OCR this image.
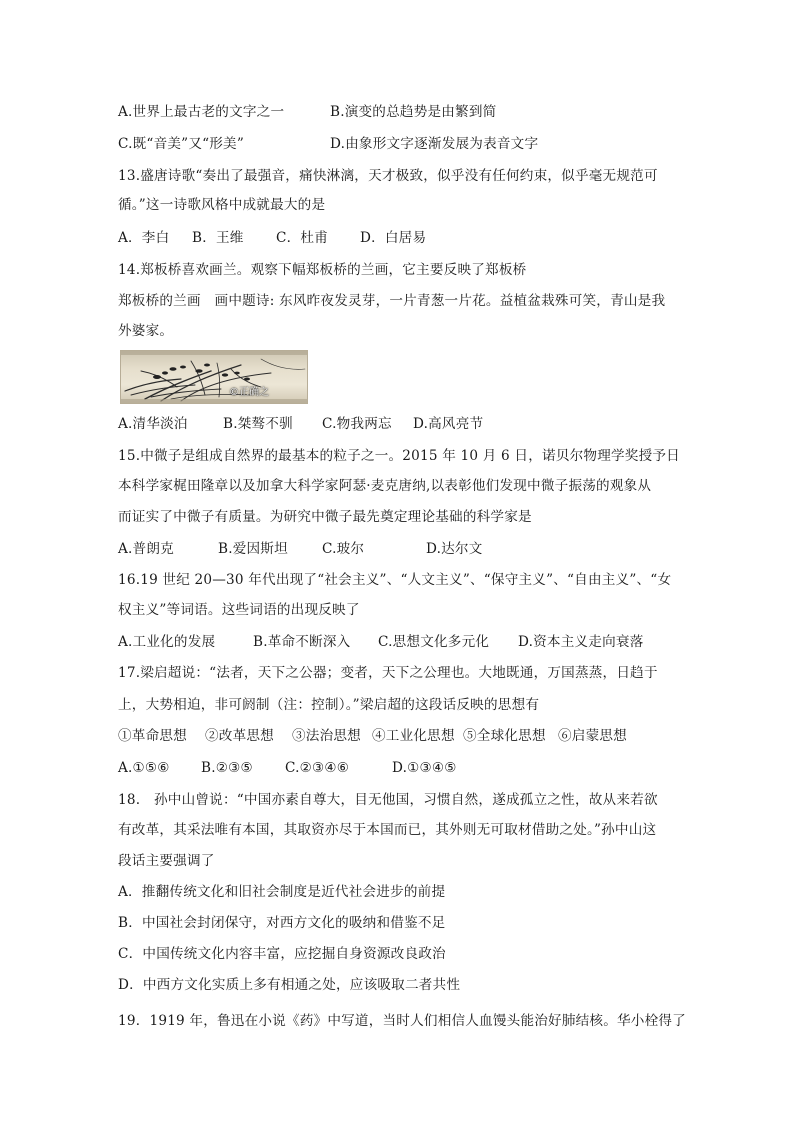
A.世界上最古老的文字之一	B.演变的总趋势是由繁到简
C.既“音美”又“形美”	D.由象形文字逐渐发展为表音文字
13.盛唐诗歌“奏出了最强音，痛快淋漓，天才极致，似乎没有任何约束，似乎毫无规范可
循。”这一诗歌风格中成就最大的是
A．李白 B．王维 C．杜甫 D．白居易
14.郑板桥喜欢画兰。观察下幅郑板桥的兰画，它主要反映了郑板桥
郑板桥的兰画　画中题诗: 东风昨夜发灵芽，一片青葱一片花。益植盆栽殊可笑，青山是我
外婆家。
©正确之
A.清华淡泊	B.桀骜不驯 C.物我两忘 D.高风亮节
15.中微子是组成自然界的最基本的粒子之一。2015 年 10 月 6 日，诺贝尔物理学奖授予日
本科学家梶田隆章以及加拿大科学家阿瑟·麦克唐纳,以表彰他们发现中微子振荡的观象从
而证实了中微子有质量。为研究中微子最先奠定理论基础的科学家是
A.普朗克	B.爱因斯坦	C.玻尔	D.达尔文
16.19 世纪 20—30 年代出现了“社会主义”、“人文主义”、“保守主义”、“自由主义”、“女
权主义”等词语。这些词语的出现反映了
A.工业化的发展	B.革命不断深入 C.思想文化多元化 D.资本主义走向衰落
17.梁启超说：“法者，天下之公器；变者，天下之公理也。大地既通，万国蒸蒸，日趋于
上，大势相迫，非可阏制（注：控制）。”梁启超的这段话反映的思想有
①革命思想 ②改革思想 ③法治思想 ④工业化思想 ⑤全球化思想 ⑥启蒙思想
A.①⑤⑥ B.②③⑤ C.②③④⑥	D.①③④⑤
18.　孙中山曾说：“中国亦素自尊大，目无他国，习惯自然，遂成孤立之性，故从来若欲
有改革，其采法唯有本国，其取资亦尽于本国而已，其外则无可取材借助之处。”孙中山这
段话主要强调了
A．推翻传统文化和旧社会制度是近代社会进步的前提
B．中国社会封闭保守，对西方文化的吸纳和借鉴不足
C．中国传统文化内容丰富，应挖掘自身资源改良政治
D．中西方文化实质上多有相通之处，应该吸取二者共性
19．1919 年，鲁迅在小说《药》中写道，当时人们相信人血馒头能治好肺结核。华小栓得了
